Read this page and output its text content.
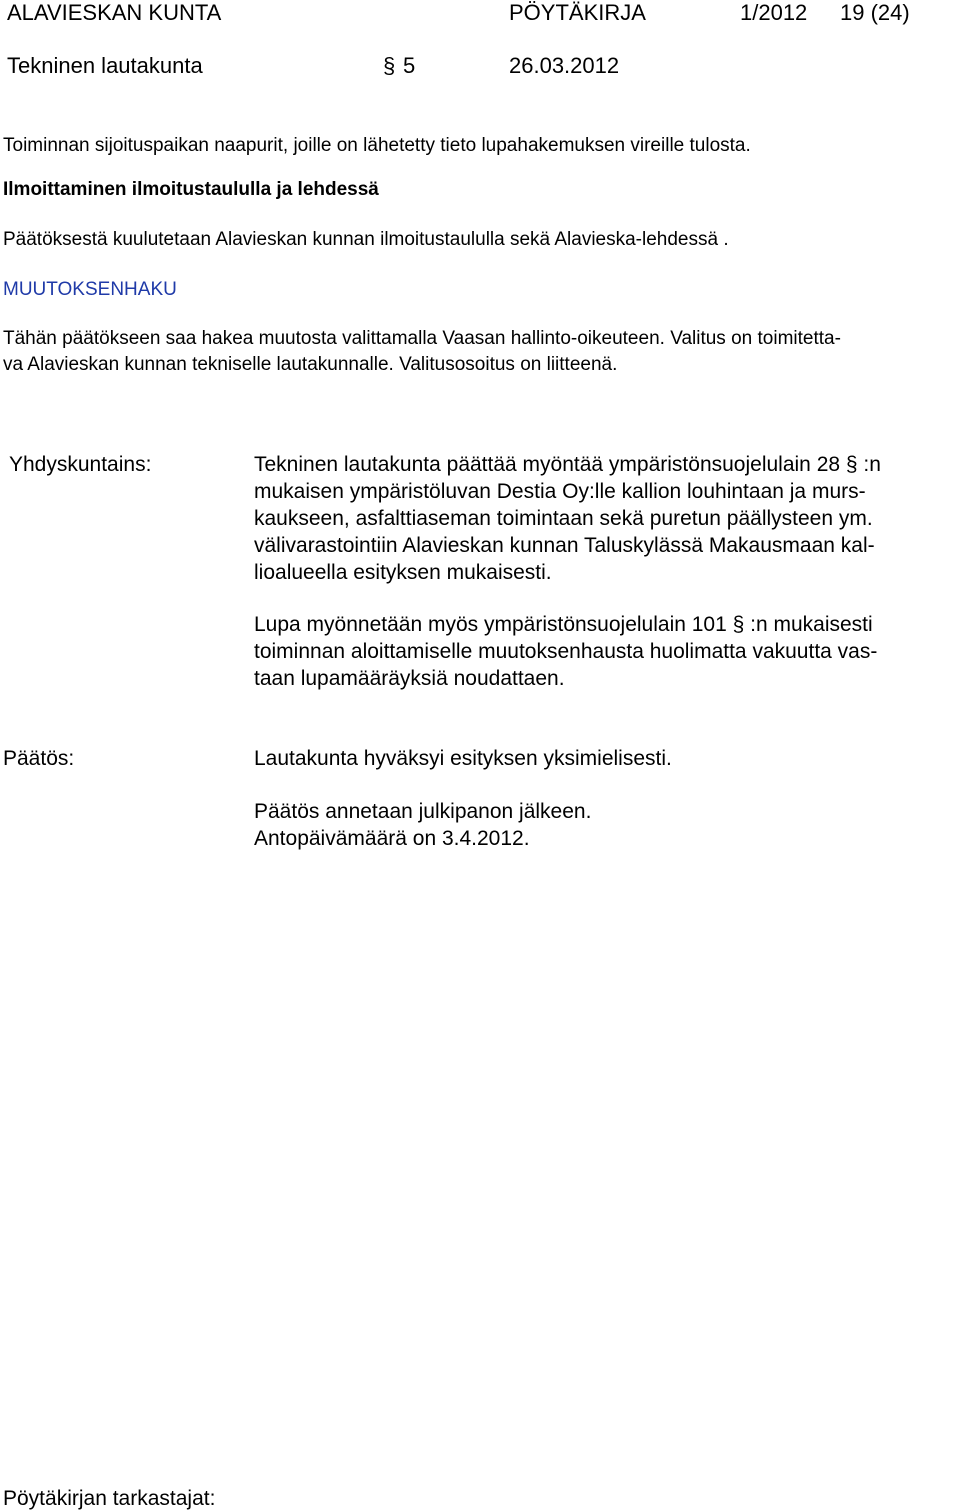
ALAVIESKAN KUNTA	PÖYTÄKIRJA	1/2012 19 (24)
Tekninen lautakunta	§ 5	26.03.2012
Toiminnan sijoituspaikan naapurit, joille on lähetetty tieto lupahakemuksen vireille tulosta.
Ilmoittaminen ilmoitustaululla ja lehdessä
Päätöksestä kuulutetaan Alavieskan kunnan ilmoitustaululla sekä Alavieska-lehdessä .
MUUTOKSENHAKU
Tähän päätökseen saa hakea muutosta valittamalla Vaasan hallinto-oikeuteen. Valitus on toimitetta-
va Alavieskan kunnan tekniselle lautakunnalle. Valitusosoitus on liitteenä.
Yhdyskuntains:	Tekninen lautakunta päättää myöntää ympäristönsuojelulain 28 § :n
mukaisen ympäristöluvan Destia Oy:lle kallion louhintaan ja murs-
kaukseen, asfalttiaseman toimintaan sekä puretun päällysteen ym.
välivarastointiin Alavieskan kunnan Taluskylässä Makausmaan kal-
lioalueella esityksen mukaisesti.
Lupa myönnetään myös ympäristönsuojelulain 101 § :n mukaisesti
toiminnan aloittamiselle muutoksenhausta huolimatta vakuutta vas-
taan lupamääräyksiä noudattaen.
Päätös:	Lautakunta hyväksyi esityksen yksimielisesti.
Päätös annetaan julkipanon jälkeen.
Antopäivämäärä on 3.4.2012.
Pöytäkirjan tarkastajat:
